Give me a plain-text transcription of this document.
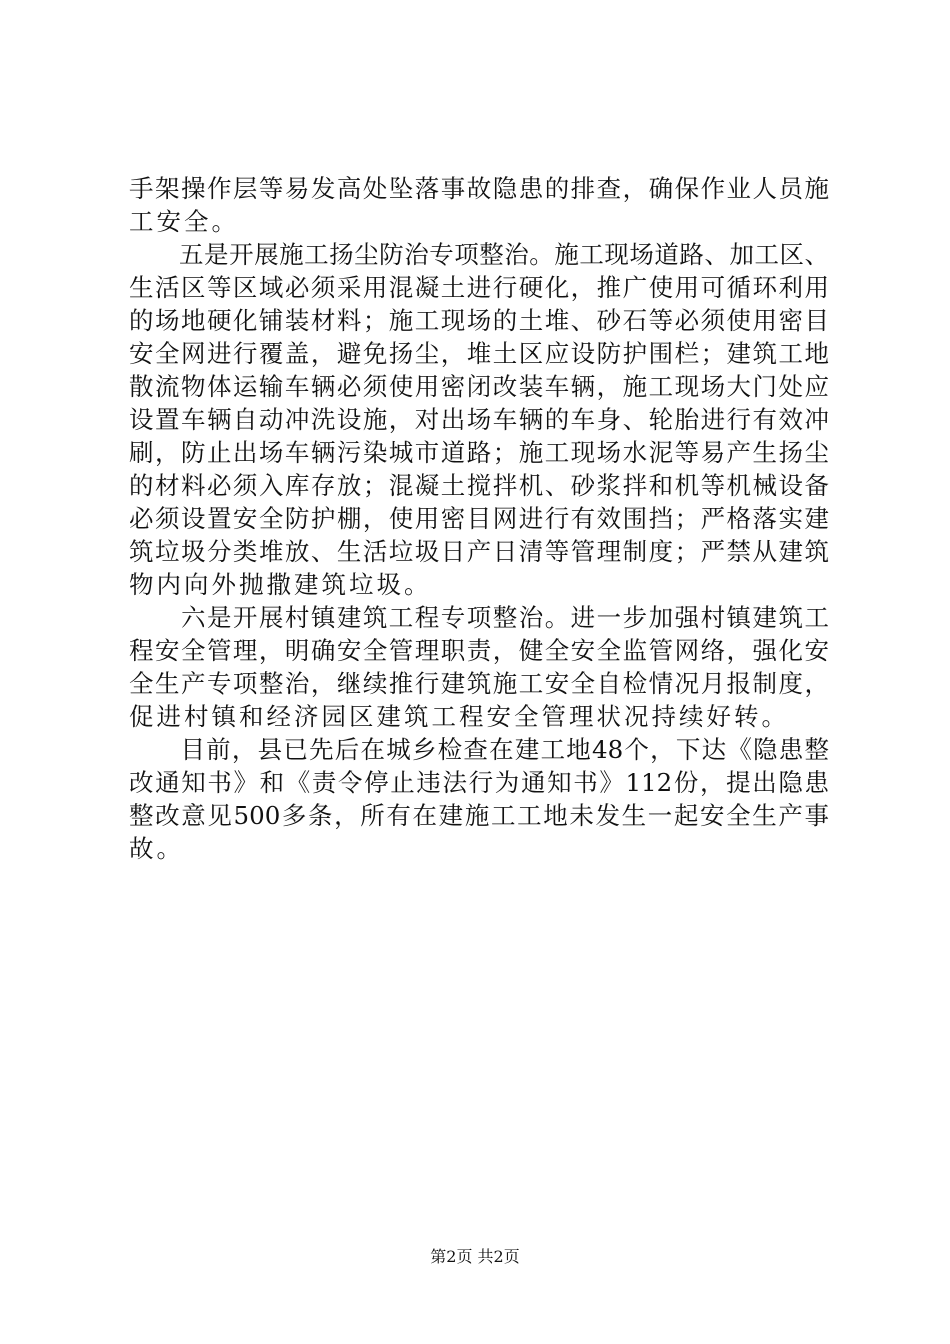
手架操作层等易发高处坠落事故隐患的排查，确保作业人员施
工安全。
　　五是开展施工扬尘防治专项整治。施工现场道路、加工区、
生活区等区域必须采用混凝土进行硬化，推广使用可循环利用
的场地硬化铺装材料；施工现场的土堆、砂石等必须使用密目
安全网进行覆盖，避免扬尘，堆土区应设防护围栏；建筑工地
散流物体运输车辆必须使用密闭改装车辆，施工现场大门处应
设置车辆自动冲洗设施，对出场车辆的车身、轮胎进行有效冲
刷，防止出场车辆污染城市道路；施工现场水泥等易产生扬尘
的材料必须入库存放；混凝土搅拌机、砂浆拌和机等机械设备
必须设置安全防护棚，使用密目网进行有效围挡；严格落实建
筑垃圾分类堆放、生活垃圾日产日清等管理制度；严禁从建筑
物内向外抛撒建筑垃圾。
　　六是开展村镇建筑工程专项整治。进一步加强村镇建筑工
程安全管理，明确安全管理职责，健全安全监管网络，强化安
全生产专项整治，继续推行建筑施工安全自检情况月报制度，
促进村镇和经济园区建筑工程安全管理状况持续好转。
　　目前，县已先后在城乡检查在建工地48个，下达《隐患整
改通知书》和《责令停止违法行为通知书》112份，提出隐患
整改意见500多条，所有在建施工工地未发生一起安全生产事
故。
第2页 共2页
